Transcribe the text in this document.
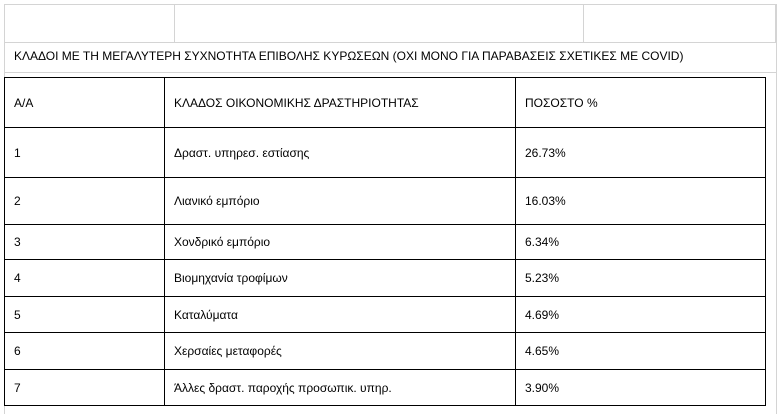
ΚΛΑΔΟΙ ΜΕ ΤΗ ΜΕΓΑΛΥΤΕΡΗ ΣΥΧΝΟΤΗΤΑ ΕΠΙΒΟΛΗΣ ΚΥΡΩΣΕΩΝ (ΟΧΙ ΜΟΝΟ ΓΙΑ ΠΑΡΑΒΑΣΕΙΣ ΣΧΕΤΙΚΕΣ ΜΕ COVID)
Α/Α	ΚΛΑΔΟΣ ΟΙΚΟΝΟΜΙΚΗΣ ΔΡΑΣΤΗΡΙΟΤΗΤΑΣ	ΠΟΣΟΣΤΟ %
1	Δραστ. υπηρεσ. εστίασης	26.73%
2	Λιανικό εμπόριο	16.03%
3	Χονδρικό εμπόριο	6.34%
4	Βιομηχανία τροφίμων	5.23%
5	Καταλύματα	4.69%
6	Χερσαίες μεταφορές	4.65%
7	Άλλες δραστ. παροχής προσωπικ. υπηρ.	3.90%
